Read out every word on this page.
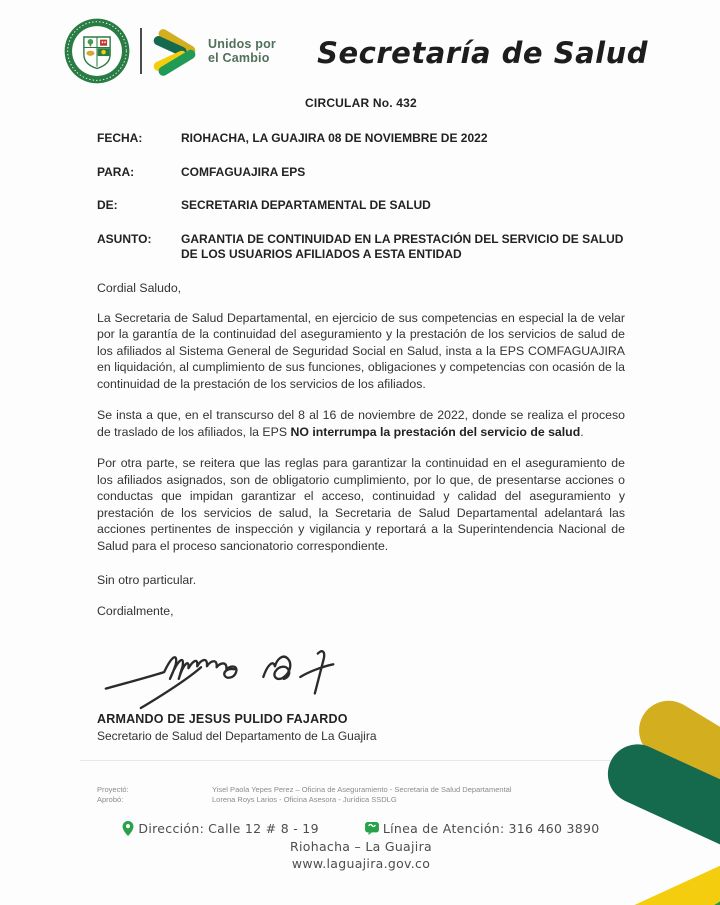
Unidos por
el Cambio Secretaría de Salud
CIRCULAR No. 432
FECHA:	RIOHACHA, LA GUAJIRA 08 DE NOVIEMBRE DE 2022
PARA:	COMFAGUAJIRA EPS
DE:	SECRETARIA DEPARTAMENTAL DE SALUD
ASUNTO:	GARANTIA DE CONTINUIDAD EN LA PRESTACIÓN DEL SERVICIO DE SALUD DE LOS USUARIOS AFILIADOS A ESTA ENTIDAD
Cordial Saludo,

La Secretaria de Salud Departamental, en ejercicio de sus competencias en especial la de velar por la garantía de la continuidad del aseguramiento y la prestación de los servicios de salud de los afiliados al Sistema General de Seguridad Social en Salud, insta a la EPS COMFAGUAJIRA en liquidación, al cumplimiento de sus funciones, obligaciones y competencias con ocasión de la continuidad de la prestación de los servicios de los afiliados.

Se insta a que, en el transcurso del 8 al 16 de noviembre de 2022, donde se realiza el proceso de traslado de los afiliados, la EPS NO interrumpa la prestación del servicio de salud.

Por otra parte, se reitera que las reglas para garantizar la continuidad en el aseguramiento de los afiliados asignados, son de obligatorio cumplimiento, por lo que, de presentarse acciones o conductas que impidan garantizar el acceso, continuidad y calidad del aseguramiento y prestación de los servicios de salud, la Secretaria de Salud Departamental adelantará las acciones pertinentes de inspección y vigilancia y reportará a la Superintendencia Nacional de Salud para el proceso sancionatorio correspondiente.

Sin otro particular.
Cordialmente,
ARMANDO DE JESUS PULIDO FAJARDO
Secretario de Salud del Departamento de La Guajira
Proyectó:	Yisel Paola Yepes Perez – Oficina de Aseguramiento - Secretaria de Salud Departamental
Aprobó:	Lorena Roys Larios - Oficina Asesora - Jurídica SSDLG
Dirección: Calle 12 # 8 - 19	Línea de Atención: 316 460 3890
Riohacha – La Guajira
www.laguajira.gov.co
